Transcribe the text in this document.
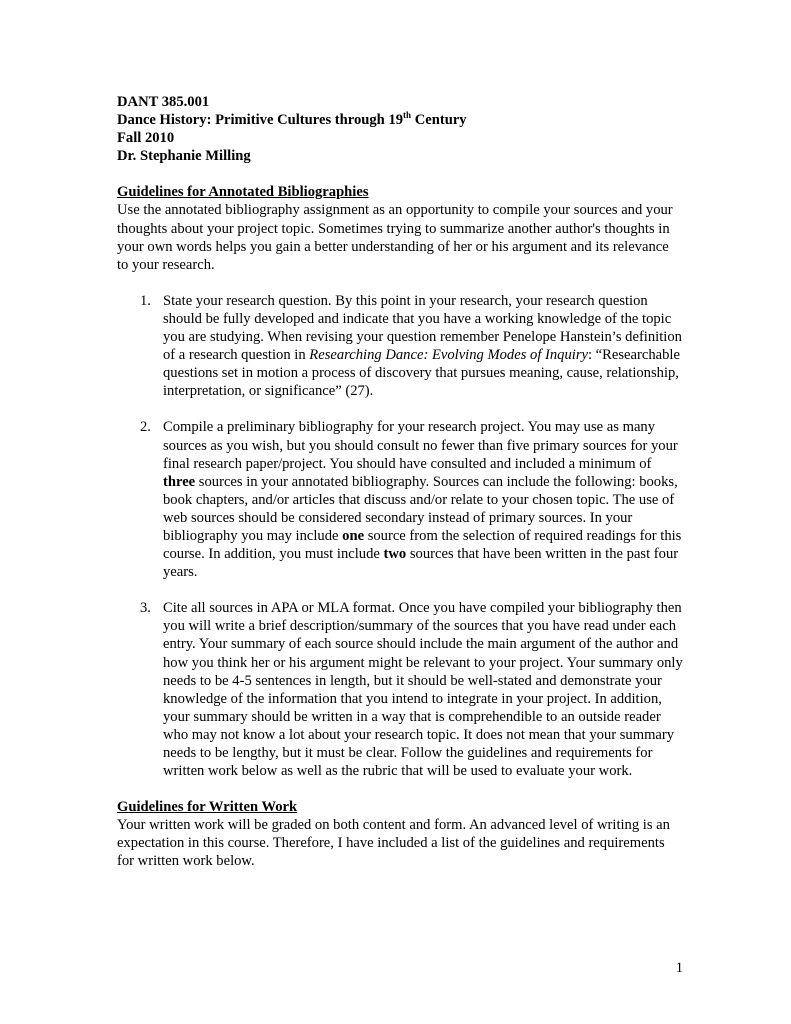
DANT 385.001
Dance History: Primitive Cultures through 19th Century
Fall 2010
Dr. Stephanie Milling
Guidelines for Annotated Bibliographies

Use the annotated bibliography assignment as an opportunity to compile your sources and your thoughts about your project topic. Sometimes trying to summarize another author's thoughts in your own words helps you gain a better understanding of her or his argument and its relevance to your research.

1. State your research question. By this point in your research, your research question should be fully developed and indicate that you have a working knowledge of the topic you are studying. When revising your question remember Penelope Hanstein’s definition of a research question in Researching Dance: Evolving Modes of Inquiry: “Researchable questions set in motion a process of discovery that pursues meaning, cause, relationship, interpretation, or significance” (27).
2. Compile a preliminary bibliography for your research project. You may use as many sources as you wish, but you should consult no fewer than five primary sources for your final research paper/project. You should have consulted and included a minimum of three sources in your annotated bibliography. Sources can include the following: books, book chapters, and/or articles that discuss and/or relate to your chosen topic. The use of web sources should be considered secondary instead of primary sources. In your bibliography you may include one source from the selection of required readings for this course. In addition, you must include two sources that have been written in the past four years.
3. Cite all sources in APA or MLA format. Once you have compiled your bibliography then you will write a brief description/summary of the sources that you have read under each entry. Your summary of each source should include the main argument of the author and how you think her or his argument might be relevant to your project. Your summary only needs to be 4-5 sentences in length, but it should be well-stated and demonstrate your knowledge of the information that you intend to integrate in your project. In addition, your summary should be written in a way that is comprehendible to an outside reader who may not know a lot about your research topic. It does not mean that your summary needs to be lengthy, but it must be clear. Follow the guidelines and requirements for written work below as well as the rubric that will be used to evaluate your work.
Guidelines for Written Work

Your written work will be graded on both content and form. An advanced level of writing is an expectation in this course. Therefore, I have included a list of the guidelines and requirements for written work below.

1
